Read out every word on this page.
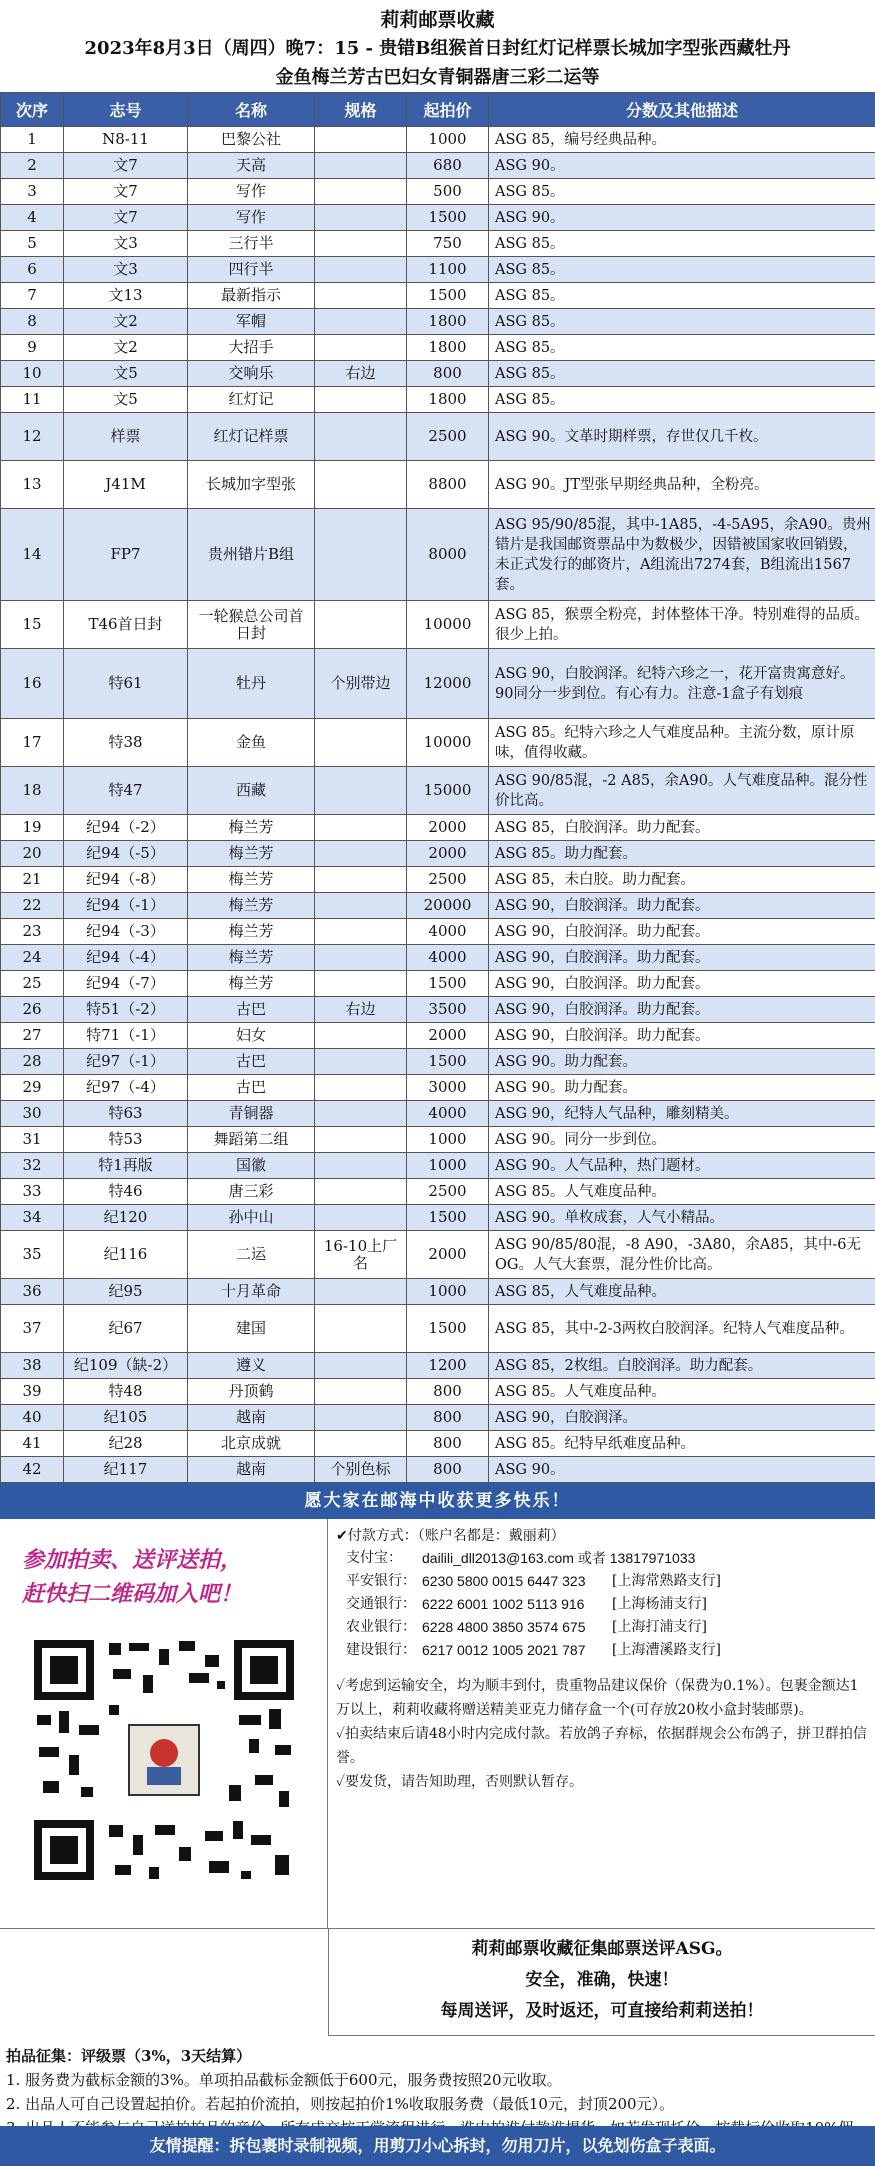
莉莉邮票收藏
2023年8月3日（周四）晚7：15 - 贵错B组猴首日封红灯记样票长城加字型张西藏牡丹
金鱼梅兰芳古巴妇女青铜器唐三彩二运等
次序	志号	名称	规格	起拍价	分数及其他描述
1	N8-11	巴黎公社		1000	ASG 85，编号经典品种。
2	文7	天高		680	ASG 90。
3	文7	写作		500	ASG 85。
4	文7	写作		1500	ASG 90。
5	文3	三行半		750	ASG 85。
6	文3	四行半		1100	ASG 85。
7	文13	最新指示		1500	ASG 85。
8	文2	军帽		1800	ASG 85。
9	文2	大招手		1800	ASG 85。
10	文5	交响乐	右边	800	ASG 85。
11	文5	红灯记		1800	ASG 85。
12	样票	红灯记样票		2500	ASG 90。文革时期样票，存世仅几千枚。
13	J41M	长城加字型张		8800	ASG 90。JT型张早期经典品种，全粉亮。
14	FP7	贵州错片B组		8000	ASG 95/90/85混，其中-1A85，-4-5A95，余A90。贵州错片是我国邮资票品中为数极少，因错被国家收回销毁，未正式发行的邮资片，A组流出7274套，B组流出1567套。
15	T46首日封	一轮猴总公司首日封		10000	ASG 85，猴票全粉亮，封体整体干净。特别难得的品质。很少上拍。
16	特61	牡丹	个别带边	12000	ASG 90，白胶润泽。纪特六珍之一，花开富贵寓意好。90同分一步到位。有心有力。注意-1盒子有划痕
17	特38	金鱼		10000	ASG 85。纪特六珍之人气难度品种。主流分数，原计原味，值得收藏。
18	特47	西藏		15000	ASG 90/85混，-2 A85，余A90。人气难度品种。混分性价比高。
19	纪94（-2）	梅兰芳		2000	ASG 85，白胶润泽。助力配套。
20	纪94（-5）	梅兰芳		2000	ASG 85。助力配套。
21	纪94（-8）	梅兰芳		2500	ASG 85，未白胶。助力配套。
22	纪94（-1）	梅兰芳		20000	ASG 90，白胶润泽。助力配套。
23	纪94（-3）	梅兰芳		4000	ASG 90，白胶润泽。助力配套。
24	纪94（-4）	梅兰芳		4000	ASG 90，白胶润泽。助力配套。
25	纪94（-7）	梅兰芳		1500	ASG 90，白胶润泽。助力配套。
26	特51（-2）	古巴	右边	3500	ASG 90，白胶润泽。助力配套。
27	特71（-1）	妇女		2000	ASG 90，白胶润泽。助力配套。
28	纪97（-1）	古巴		1500	ASG 90。助力配套。
29	纪97（-4）	古巴		3000	ASG 90。助力配套。
30	特63	青铜器		4000	ASG 90，纪特人气品种，雕刻精美。
31	特53	舞蹈第二组		1000	ASG 90。同分一步到位。
32	特1再版	国徽		1000	ASG 90。人气品种，热门题材。
33	特46	唐三彩		2500	ASG 85。人气难度品种。
34	纪120	孙中山		1500	ASG 90。单枚成套，人气小精品。
35	纪116	二运	16-10上厂名	2000	ASG 90/85/80混，-8 A90，-3A80，余A85，其中-6无OG。人气大套票，混分性价比高。
36	纪95	十月革命		1000	ASG 85，人气难度品种。
37	纪67	建国		1500	ASG 85，其中-2-3两枚白胶润泽。纪特人气难度品种。
38	纪109（缺-2）	遵义		1200	ASG 85，2枚组。白胶润泽。助力配套。
39	特48	丹顶鹤		800	ASG 85。人气难度品种。
40	纪105	越南		800	ASG 90，白胶润泽。
41	纪28	北京成就		800	ASG 85。纪特早纸难度品种。
42	纪117	越南	个别色标	800	ASG 90。
愿大家在邮海中收获更多快乐！
参加拍卖、送评送拍，
赶快扫二维码加入吧！
✔付款方式：（账户名都是：戴丽莉）
支付宝：	dailili_dll2013@163.com 或者 13817971033
平安银行： 6230 5800 0015 6447 323	[上海常熟路支行]
交通银行： 6222 6001 1002 5113 916	[上海杨浦支行]
农业银行： 6228 4800 3850 3574 675	[上海打浦支行]
建设银行： 6217 0012 1005 2021 787	[上海漕溪路支行]

✓考虑到运输安全，均为顺丰到付，贵重物品建议保价（保费为0.1%）。包裹金额达1万以上，莉莉收藏将赠送精美亚克力储存盒一个(可存放20枚小盒封装邮票)。

✓拍卖结束后请48小时内完成付款。若放鸽子弃标，依据群规会公布鸽子，拼卫群拍信誉。

✓要发货，请告知助理，否则默认暂存。

莉莉邮票收藏征集邮票送评ASG。
安全，准确，快速！
每周送评，及时返还，可直接给莉莉送拍！
拍品征集：评级票（3%，3天结算）
1. 服务费为截标金额的3%。单项拍品截标金额低于600元，服务费按照20元收取。
2. 出品人可自己设置起拍价。若起拍价流拍，则按起拍价1%收取服务费（最低10元，封顶200元）。
友情提醒：拆包裹时录制视频，用剪刀小心拆封，勿用刀片，以免划伤盒子表面。
